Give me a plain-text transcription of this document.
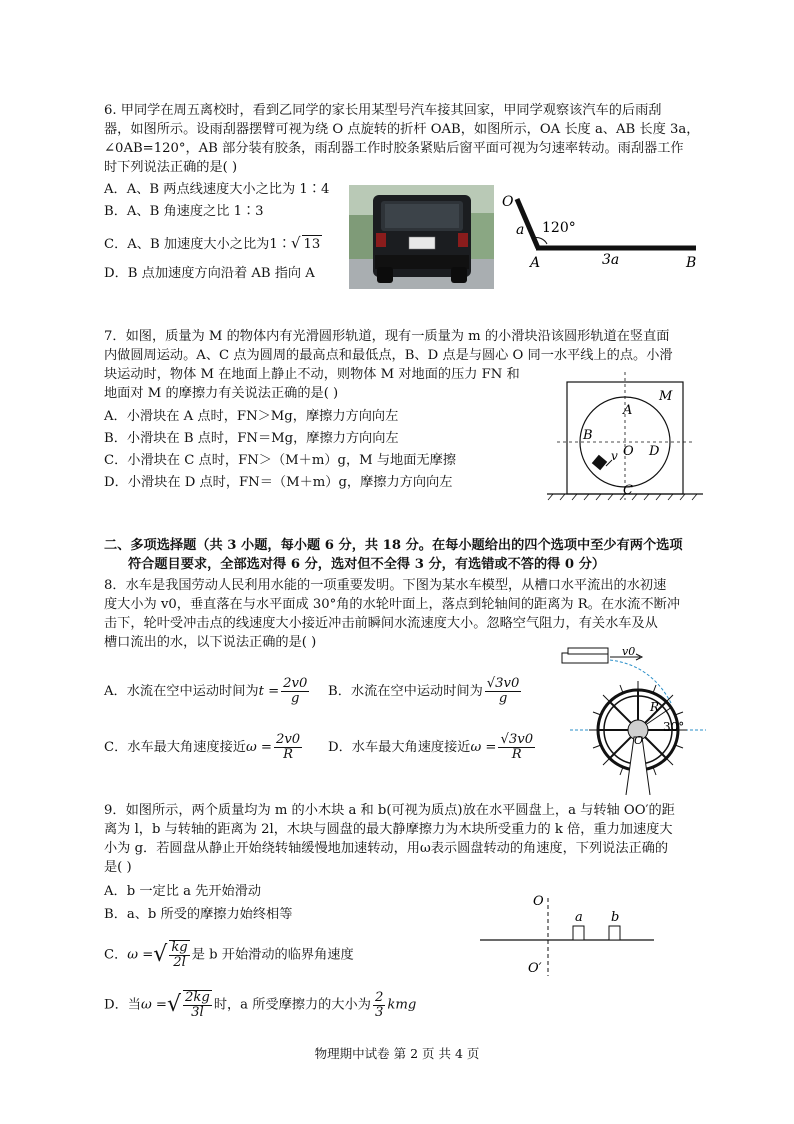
6. 甲同学在周五离校时，看到乙同学的家长用某型号汽车接其回家，甲同学观察该汽车的后雨刮
器，如图所示。设雨刮器摆臂可视为绕 O 点旋转的折杆 OAB，如图所示，OA 长度 a、AB 长度 3a，
∠0AB=120°，AB 部分装有胶条，雨刮器工作时胶条紧贴后窗平面可视为匀速率转动。雨刮器工作
时下列说法正确的是( )
A．A、B 两点线速度大小之比为 1∶4
B．A、B 角速度之比 1∶3
C．A、B 加速度大小之比为1∶√ 13
D．B 点加速度方向沿着 AB 指向 A
O
a 120°
A	3a	B
7．如图，质量为 M 的物体内有光滑圆形轨道，现有一质量为 m 的小滑块沿该圆形轨道在竖直面
内做圆周运动。A、C 点为圆周的最高点和最低点，B、D 点是与圆心 O 同一水平线上的点。小滑
块运动时，物体 M 在地面上静止不动，则物体 M 对地面的压力 FN 和
地面对 M 的摩擦力有关说法正确的是( )
A．小滑块在 A 点时，FN＞Mg，摩擦力方向向左
B．小滑块在 B 点时，FN＝Mg，摩擦力方向向左
C．小滑块在 C 点时，FN＞（M＋m）g，M 与地面无摩擦
D．小滑块在 D 点时，FN＝（M＋m）g，摩擦力方向向左
M
A
B
O D
C
v
二、多项选择题（共 3 小题，每小题 6 分，共 18 分。在每小题给出的四个选项中至少有两个选项
符合题目要求，全部选对得 6 分，选对但不全得 3 分，有选错或不答的得 0 分）
8．水车是我国劳动人民利用水能的一项重要发明。下图为某水车模型，从槽口水平流出的水初速
度大小为 v0，垂直落在与水平面成 30°角的水轮叶面上，落点到轮轴间的距离为 R。在水流不断冲
击下，轮叶受冲击点的线速度大小接近冲击前瞬间水流速度大小。忽略空气阻力，有关水车及从
槽口流出的水，以下说法正确的是( )
A．水流在空中运动时间为$t = \frac{2v0}{g}$ B．水流在空中运动时间为 $\frac{√3v0}{g}$
C．水车最大角速度接近$\omega = \frac{2v0}{R}$ D．水车最大角速度接近$\omega = \frac{√3v0}{R}$
v0
R
30°
O
9．如图所示，两个质量均为 m 的小木块 a 和 b(可视为质点)放在水平圆盘上，a 与转轴 OO′的距
离为 l，b 与转轴的距离为 2l，木块与圆盘的最大静摩擦力为木块所受重力的 k 倍，重力加速度大
小为 g．若圆盘从静止开始绕转轴缓慢地加速转动，用ω表示圆盘转动的角速度，下列说法正确的
是( )
A．b 一定比 a 先开始滑动
B．a、b 所受的摩擦力始终相等
C．ω =√ $\frac{kg}{2l}$ 是 b 开始滑动的临界角速度
D．当ω =√ $\frac{2kg}{3l}$ 时，a 所受摩擦力的大小为 $\frac{2}{3}$ kmg
O
O′
a b
物理期中试卷 第 2 页 共 4 页
